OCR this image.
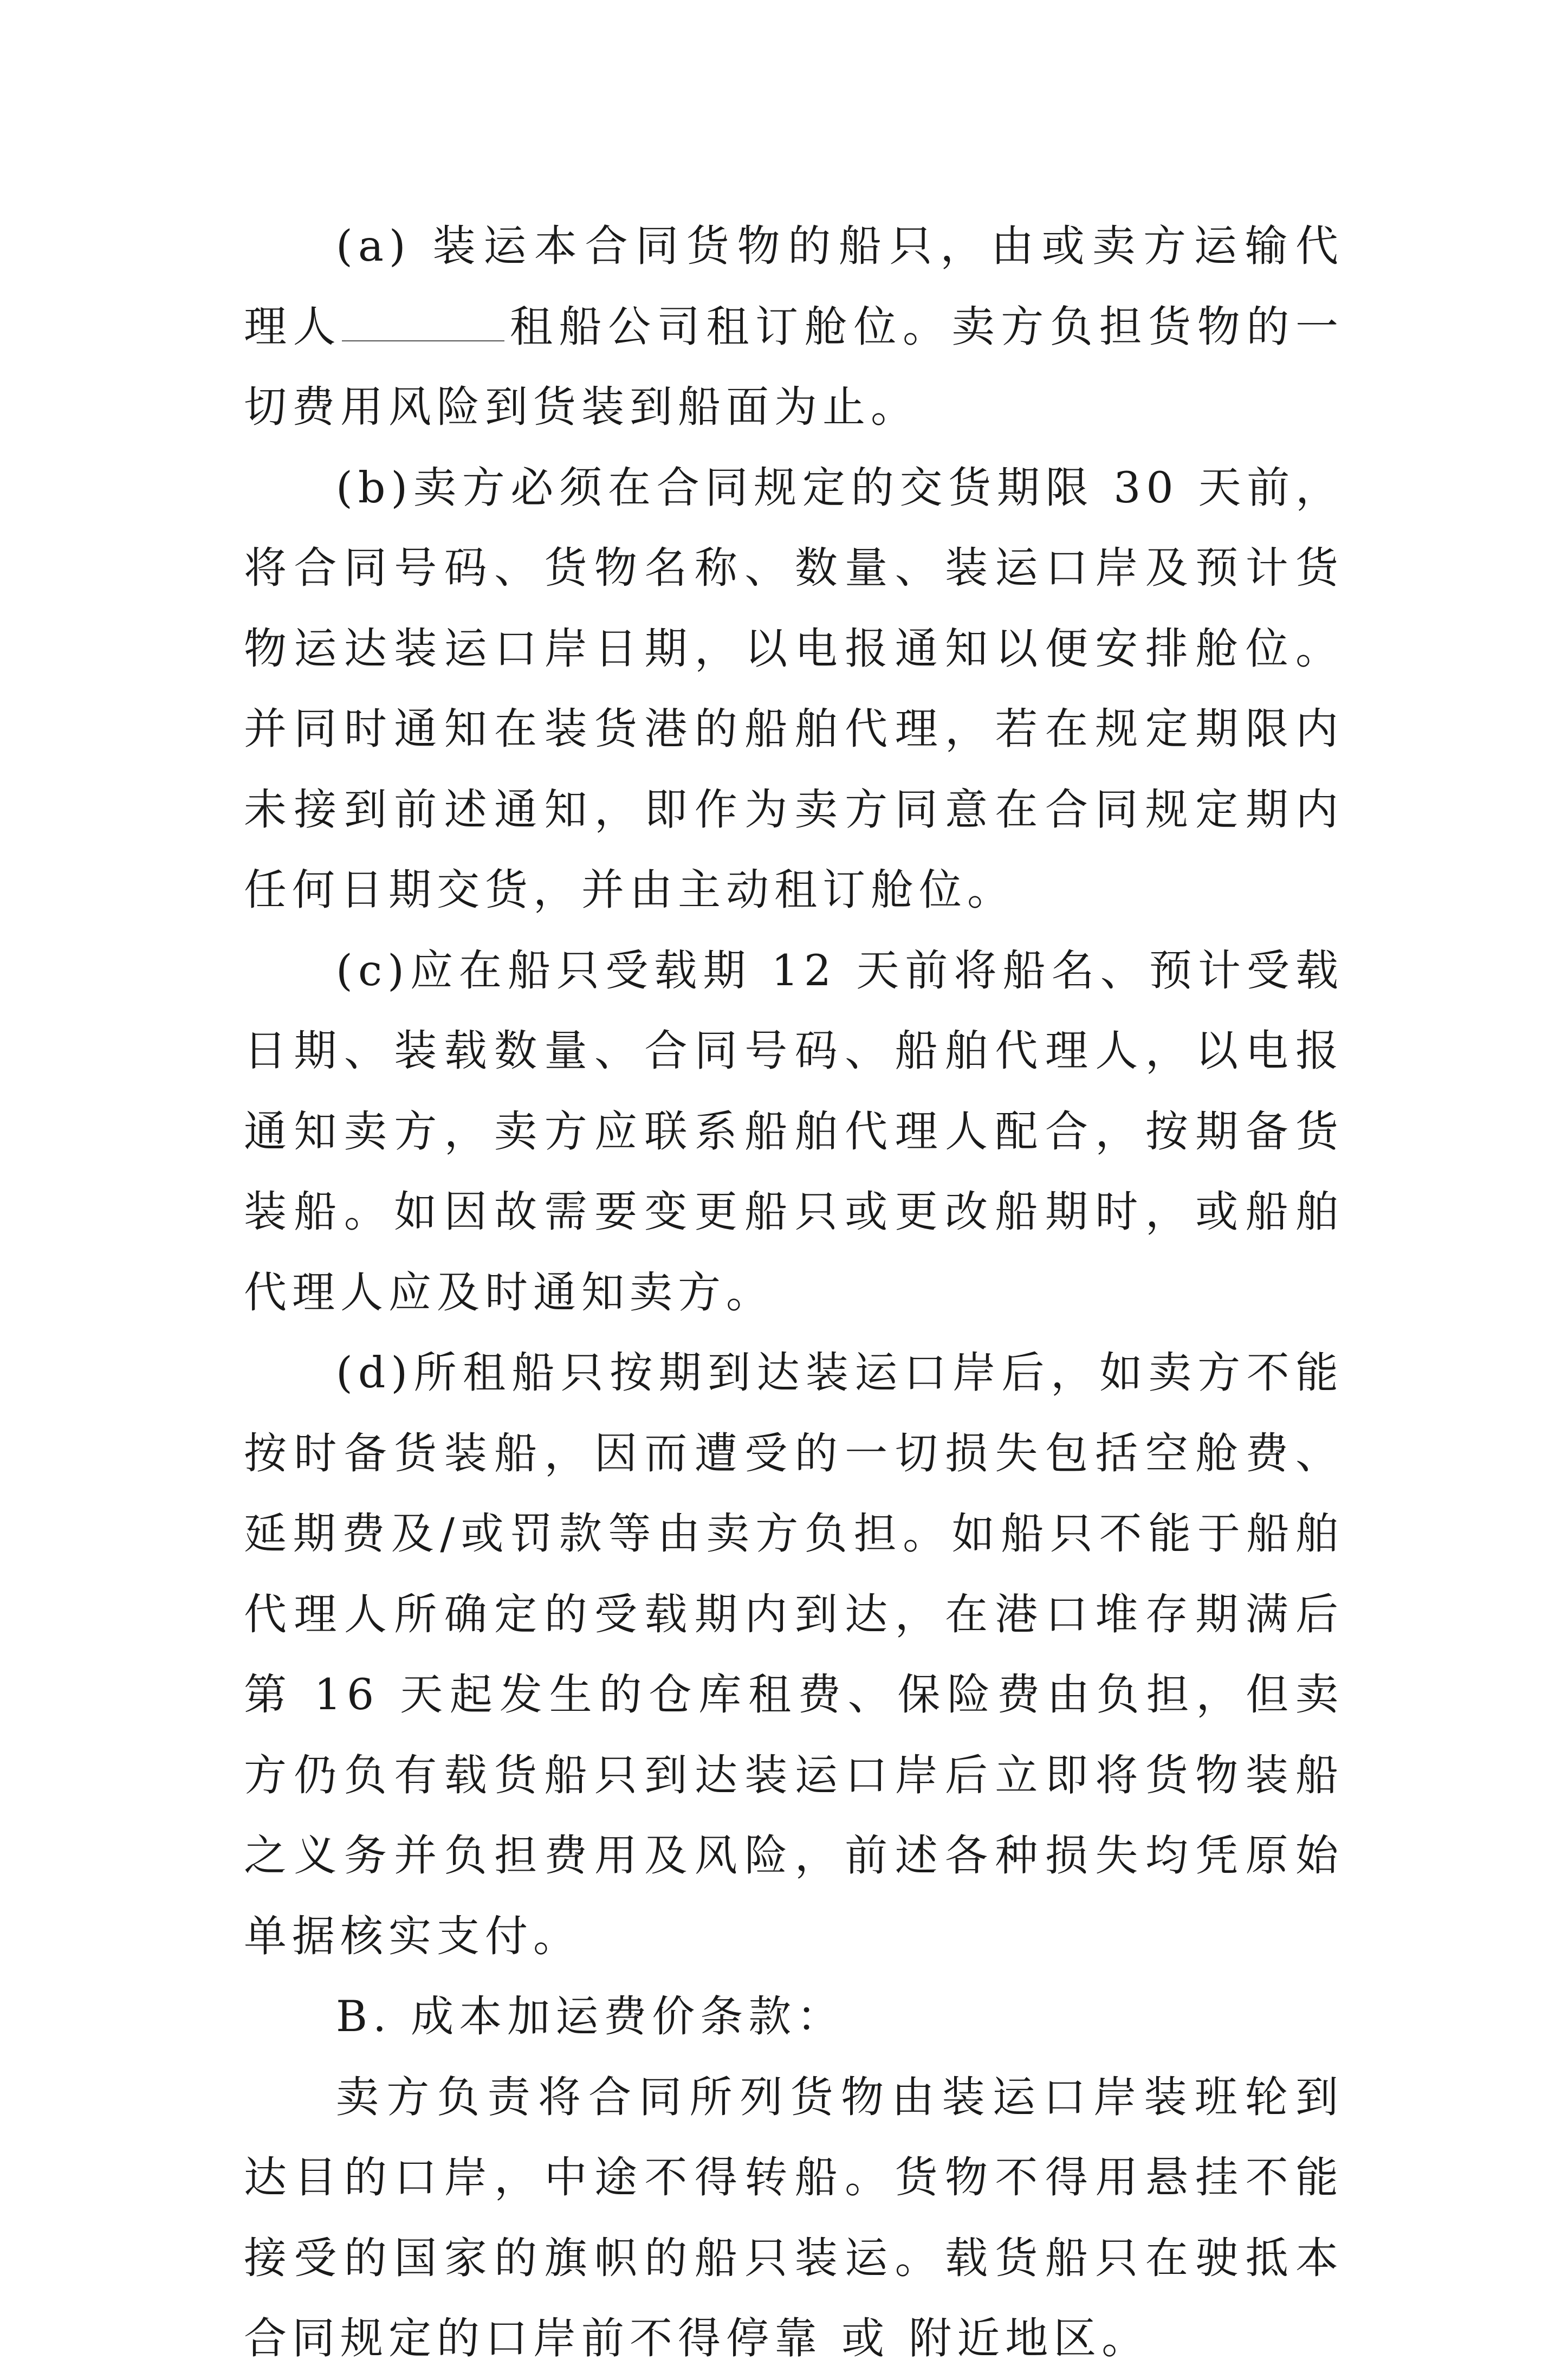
(a) 装运本合同货物的船只，由或卖方运输代理人	租船公司租订舱位。卖方负担货物的一切费用风险到货装到船面为止。

(b)卖方必须在合同规定的交货期限 30 天前，将合同号码、货物名称、数量、装运口岸及预计货物运达装运口岸日期，以电报通知以便安排舱位。并同时通知在装货港的船舶代理，若在规定期限内未接到前述通知，即作为卖方同意在合同规定期内任何日期交货，并由主动租订舱位。

(c)应在船只受载期 12 天前将船名、预计受载日期、装载数量、合同号码、船舶代理人，以电报通知卖方，卖方应联系船舶代理人配合，按期备货装船。如因故需要变更船只或更改船期时，或船舶代理人应及时通知卖方。

(d)所租船只按期到达装运口岸后，如卖方不能按时备货装船，因而遭受的一切损失包括空舱费、延期费及/或罚款等由卖方负担。如船只不能于船舶代理人所确定的受载期内到达，在港口堆存期满后第 16 天起发生的仓库租费、保险费由负担，但卖方仍负有载货船只到达装运口岸后立即将货物装船之义务并负担费用及风险，前述各种损失均凭原始单据核实支付。

B. 成本加运费价条款：

卖方负责将合同所列货物由装运口岸装班轮到达目的口岸，中途不得转船。货物不得用悬挂不能接受的国家的旗帜的船只装运。载货船只在驶抵本合同规定的口岸前不得停靠 或 附近地区。
